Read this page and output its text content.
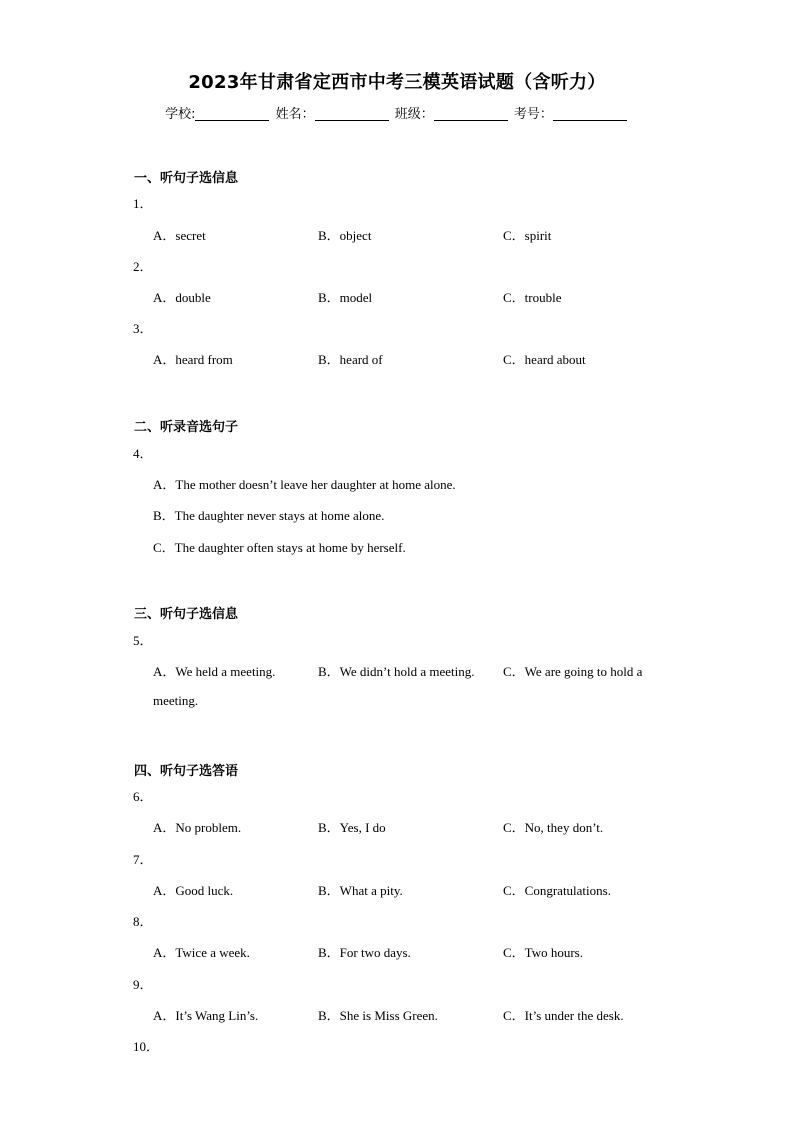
2023年甘肃省定西市中考三模英语试题（含听力）
学校:	姓名：	班级：	考号：
一、听句子选信息
1．
A．secret	B．object	C．spirit
2．
A．double	B．model	C．trouble
3．
A．heard from	B．heard of	C．heard about
二、听录音选句子
4．
A．The mother doesn’t leave her daughter at home alone.
B．The daughter never stays at home alone.
C．The daughter often stays at home by herself.
三、听句子选信息
5．
A．We held a meeting.	B．We didn’t hold a meeting. C．We are going to hold a
meeting.
四、听句子选答语
6．
A．No problem.	B．Yes, I do	C．No, they don’t.
7．
A．Good luck.	B．What a pity.	C．Congratulations.
8．
A．Twice a week.	B．For two days.	C．Two hours.
9．
A．It’s Wang Lin’s.	B．She is Miss Green.	C．It’s under the desk.
10．
